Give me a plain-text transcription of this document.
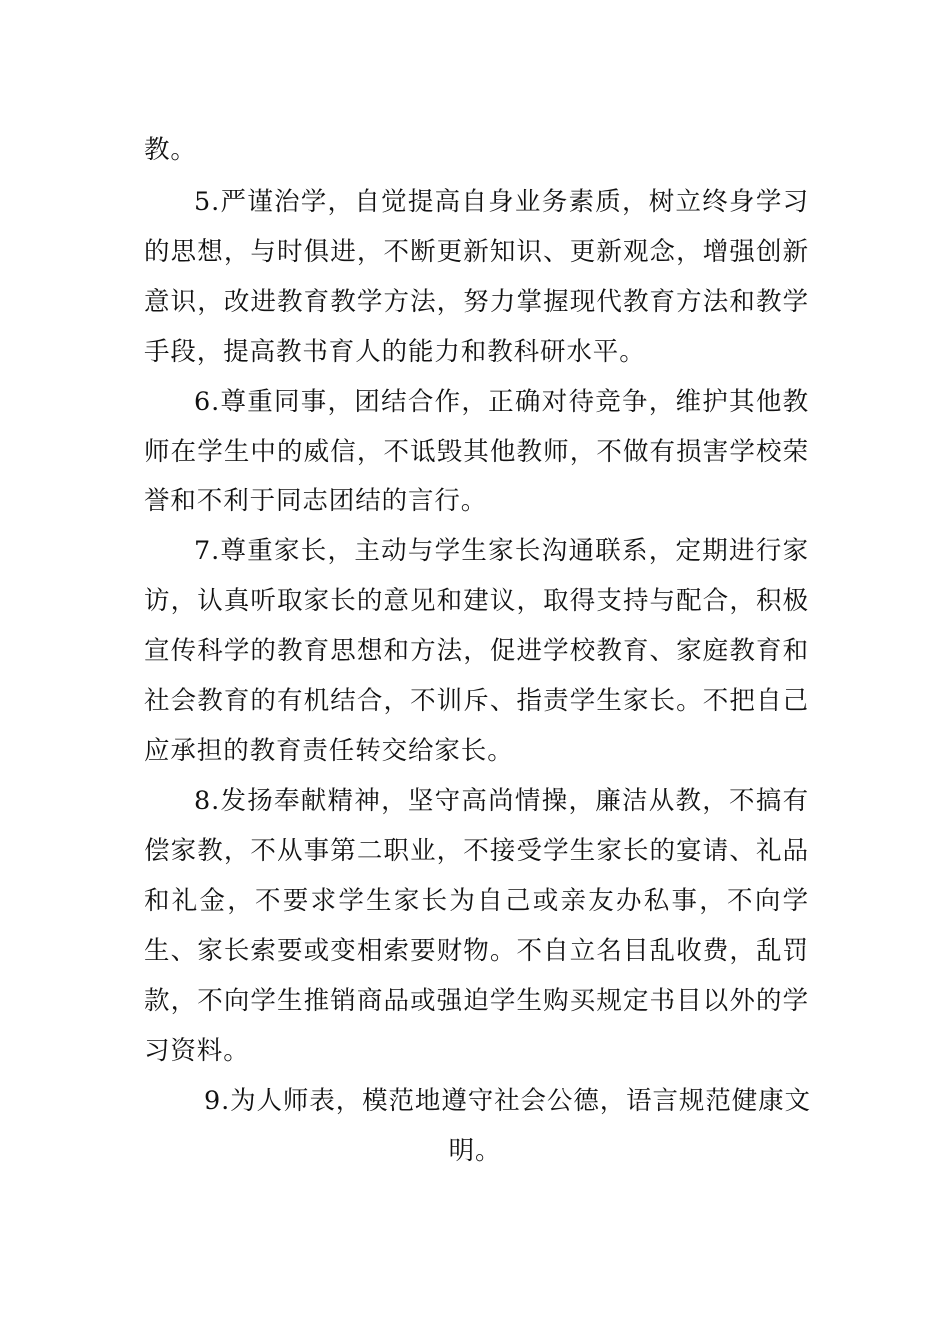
教。
5.严谨治学，自觉提高自身业务素质，树立终身学习
的思想，与时俱进，不断更新知识、更新观念，增强创新
意识，改进教育教学方法，努力掌握现代教育方法和教学
手段，提高教书育人的能力和教科研水平。
6.尊重同事，团结合作，正确对待竞争，维护其他教
师在学生中的威信，不诋毁其他教师，不做有损害学校荣
誉和不利于同志团结的言行。
7.尊重家长，主动与学生家长沟通联系，定期进行家
访，认真听取家长的意见和建议，取得支持与配合，积极
宣传科学的教育思想和方法，促进学校教育、家庭教育和
社会教育的有机结合，不训斥、指责学生家长。不把自己
应承担的教育责任转交给家长。
8.发扬奉献精神，坚守高尚情操，廉洁从教，不搞有
偿家教，不从事第二职业，不接受学生家长的宴请、礼品
和礼金，不要求学生家长为自己或亲友办私事，不向学
生、家长索要或变相索要财物。不自立名目乱收费，乱罚
款，不向学生推销商品或强迫学生购买规定书目以外的学
习资料。
9.为人师表，模范地遵守社会公德，语言规范健康文
明。
